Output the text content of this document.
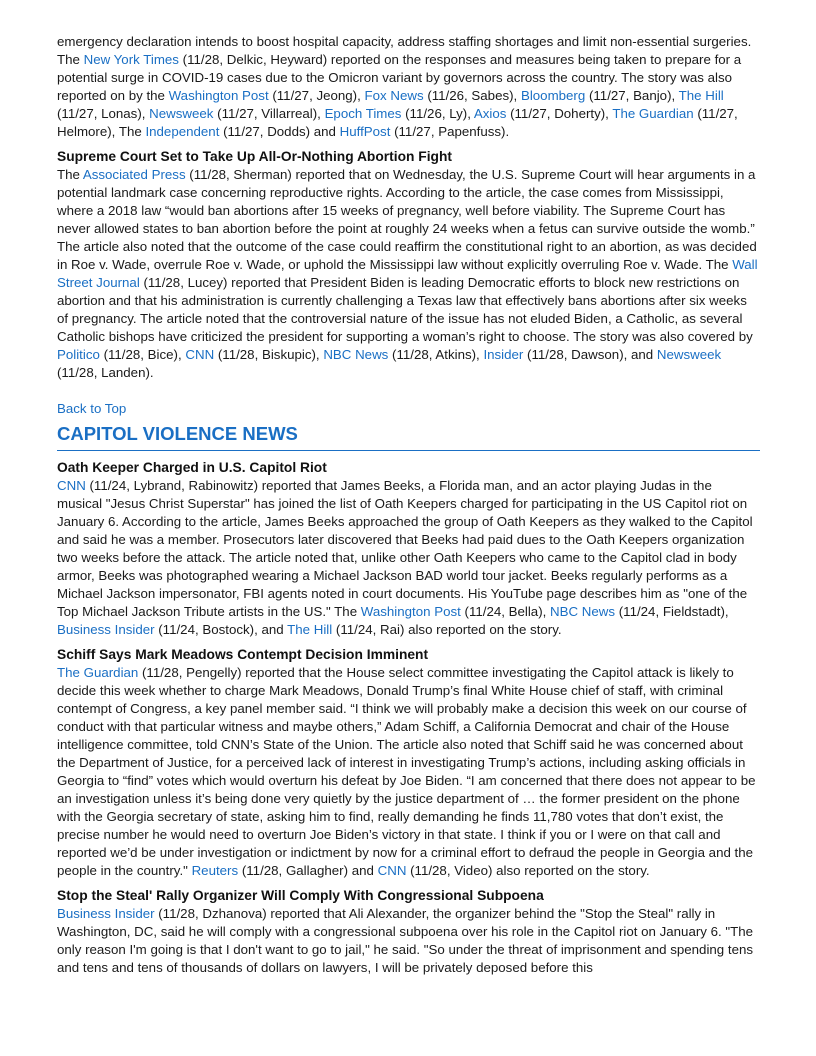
emergency declaration intends to boost hospital capacity, address staffing shortages and limit non-essential surgeries. The New York Times (11/28, Delkic, Heyward) reported on the responses and measures being taken to prepare for a potential surge in COVID-19 cases due to the Omicron variant by governors across the country. The story was also reported on by the Washington Post (11/27, Jeong), Fox News (11/26, Sabes), Bloomberg (11/27, Banjo), The Hill (11/27, Lonas), Newsweek (11/27, Villarreal), Epoch Times (11/26, Ly), Axios (11/27, Doherty), The Guardian (11/27, Helmore), The Independent (11/27, Dodds) and HuffPost (11/27, Papenfuss).

Supreme Court Set to Take Up All-Or-Nothing Abortion Fight

The Associated Press (11/28, Sherman) reported that on Wednesday, the U.S. Supreme Court will hear arguments in a potential landmark case concerning reproductive rights. According to the article, the case comes from Mississippi, where a 2018 law “would ban abortions after 15 weeks of pregnancy, well before viability. The Supreme Court has never allowed states to ban abortion before the point at roughly 24 weeks when a fetus can survive outside the womb.” The article also noted that the outcome of the case could reaffirm the constitutional right to an abortion, as was decided in Roe v. Wade, overrule Roe v. Wade, or uphold the Mississippi law without explicitly overruling Roe v. Wade. The Wall Street Journal (11/28, Lucey) reported that President Biden is leading Democratic efforts to block new restrictions on abortion and that his administration is currently challenging a Texas law that effectively bans abortions after six weeks of pregnancy. The article noted that the controversial nature of the issue has not eluded Biden, a Catholic, as several Catholic bishops have criticized the president for supporting a woman’s right to choose. The story was also covered by Politico (11/28, Bice), CNN (11/28, Biskupic), NBC News (11/28, Atkins), Insider (11/28, Dawson), and Newsweek (11/28, Landen).

Back to Top
CAPITOL VIOLENCE NEWS
Oath Keeper Charged in U.S. Capitol Riot

CNN (11/24, Lybrand, Rabinowitz) reported that James Beeks, a Florida man, and an actor playing Judas in the musical "Jesus Christ Superstar" has joined the list of Oath Keepers charged for participating in the US Capitol riot on January 6. According to the article, James Beeks approached the group of Oath Keepers as they walked to the Capitol and said he was a member. Prosecutors later discovered that Beeks had paid dues to the Oath Keepers organization two weeks before the attack. The article noted that, unlike other Oath Keepers who came to the Capitol clad in body armor, Beeks was photographed wearing a Michael Jackson BAD world tour jacket. Beeks regularly performs as a Michael Jackson impersonator, FBI agents noted in court documents. His YouTube page describes him as "one of the Top Michael Jackson Tribute artists in the US." The Washington Post (11/24, Bella), NBC News (11/24, Fieldstadt), Business Insider (11/24, Bostock), and The Hill (11/24, Rai) also reported on the story.

Schiff Says Mark Meadows Contempt Decision Imminent

The Guardian (11/28, Pengelly) reported that the House select committee investigating the Capitol attack is likely to decide this week whether to charge Mark Meadows, Donald Trump’s final White House chief of staff, with criminal contempt of Congress, a key panel member said. “I think we will probably make a decision this week on our course of conduct with that particular witness and maybe others,” Adam Schiff, a California Democrat and chair of the House intelligence committee, told CNN’s State of the Union. The article also noted that Schiff said he was concerned about the Department of Justice, for a perceived lack of interest in investigating Trump’s actions, including asking officials in Georgia to “find” votes which would overturn his defeat by Joe Biden. “I am concerned that there does not appear to be an investigation unless it’s being done very quietly by the justice department of … the former president on the phone with the Georgia secretary of state, asking him to find, really demanding he finds 11,780 votes that don’t exist, the precise number he would need to overturn Joe Biden’s victory in that state. I think if you or I were on that call and reported we’d be under investigation or indictment by now for a criminal effort to defraud the people in Georgia and the people in the country." Reuters (11/28, Gallagher) and CNN (11/28, Video) also reported on the story.

Stop the Steal' Rally Organizer Will Comply With Congressional Subpoena

Business Insider (11/28, Dzhanova) reported that Ali Alexander, the organizer behind the "Stop the Steal" rally in Washington, DC, said he will comply with a congressional subpoena over his role in the Capitol riot on January 6. "The only reason I'm going is that I don't want to go to jail," he said. "So under the threat of imprisonment and spending tens and tens and tens of thousands of dollars on lawyers, I will be privately deposed before this
